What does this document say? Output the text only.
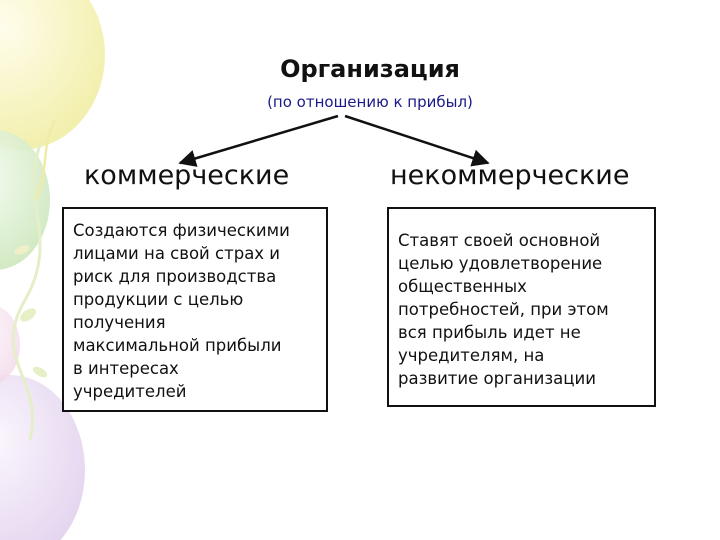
Организация
(по отношению к прибыл)
коммерческие	некоммерческие
Создаются физическими
лицами на свой страх и
риск для производства
продукции с целью
получения
максимальной прибыли
в интересах
учредителей
Ставят своей основной
целью удовлетворение
общественных
потребностей, при этом
вся прибыль идет не
учредителям, на
развитие организации
